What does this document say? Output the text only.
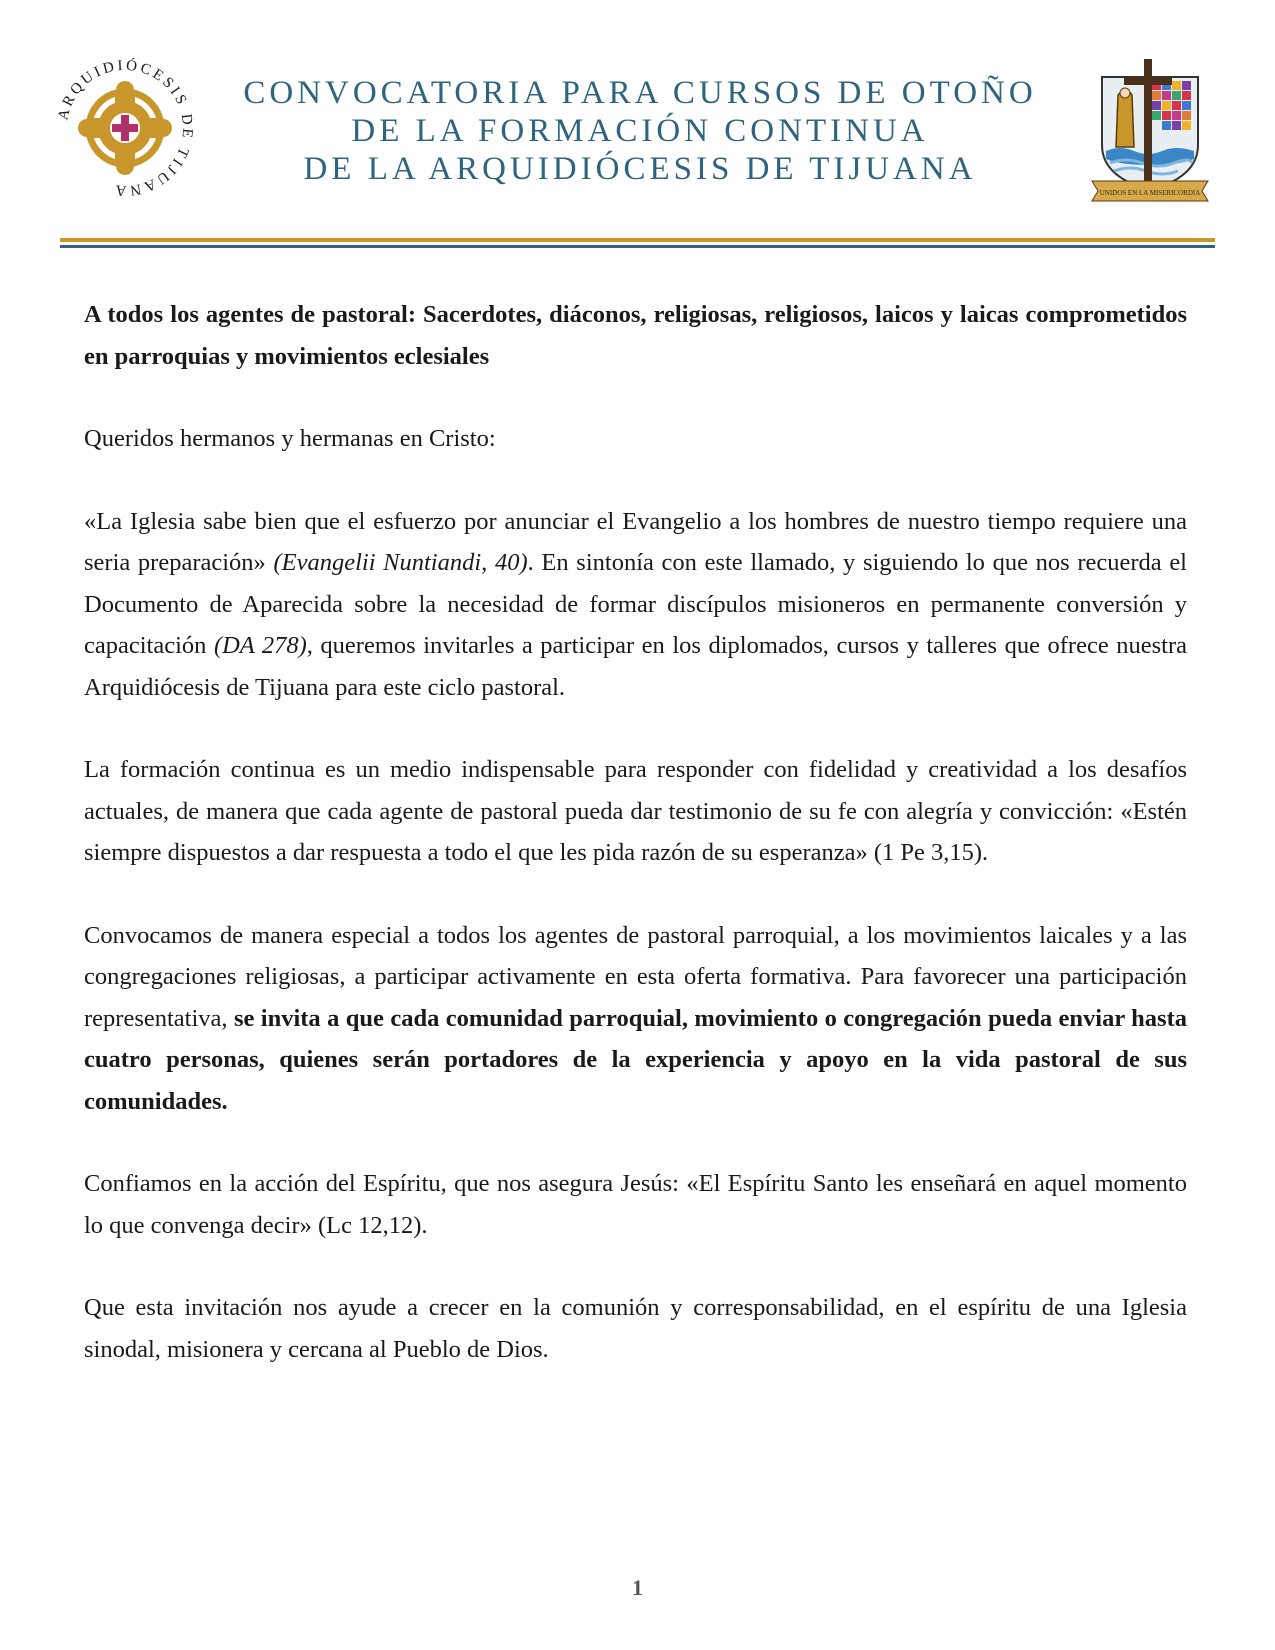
ARQUIDIÓCESIS DE TIJUANA
CONVOCATORIA PARA CURSOS DE OTOÑO
DE LA FORMACIÓN CONTINUA
DE LA ARQUIDIÓCESIS DE TIJUANA
UNIDOS EN LA MISERICORDIA

A todos los agentes de pastoral: Sacerdotes, diáconos, religiosas, religiosos, laicos y laicas comprometidos en parroquias y movimientos eclesiales

Queridos hermanos y hermanas en Cristo:

«La Iglesia sabe bien que el esfuerzo por anunciar el Evangelio a los hombres de nuestro tiempo requiere una seria preparación» (Evangelii Nuntiandi, 40). En sintonía con este llamado, y siguiendo lo que nos recuerda el Documento de Aparecida sobre la necesidad de formar discípulos misioneros en permanente conversión y capacitación (DA 278), queremos invitarles a participar en los diplomados, cursos y talleres que ofrece nuestra Arquidiócesis de Tijuana para este ciclo pastoral.

La formación continua es un medio indispensable para responder con fidelidad y creatividad a los desafíos actuales, de manera que cada agente de pastoral pueda dar testimonio de su fe con alegría y convicción: «Estén siempre dispuestos a dar respuesta a todo el que les pida razón de su esperanza» (1 Pe 3,15).

Convocamos de manera especial a todos los agentes de pastoral parroquial, a los movimientos laicales y a las congregaciones religiosas, a participar activamente en esta oferta formativa. Para favorecer una participación representativa, se invita a que cada comunidad parroquial, movimiento o congregación pueda enviar hasta cuatro personas, quienes serán portadores de la experiencia y apoyo en la vida pastoral de sus comunidades.

Confiamos en la acción del Espíritu, que nos asegura Jesús: «El Espíritu Santo les enseñará en aquel momento lo que convenga decir» (Lc 12,12).

Que esta invitación nos ayude a crecer en la comunión y corresponsabilidad, en el espíritu de una Iglesia sinodal, misionera y cercana al Pueblo de Dios.

1
